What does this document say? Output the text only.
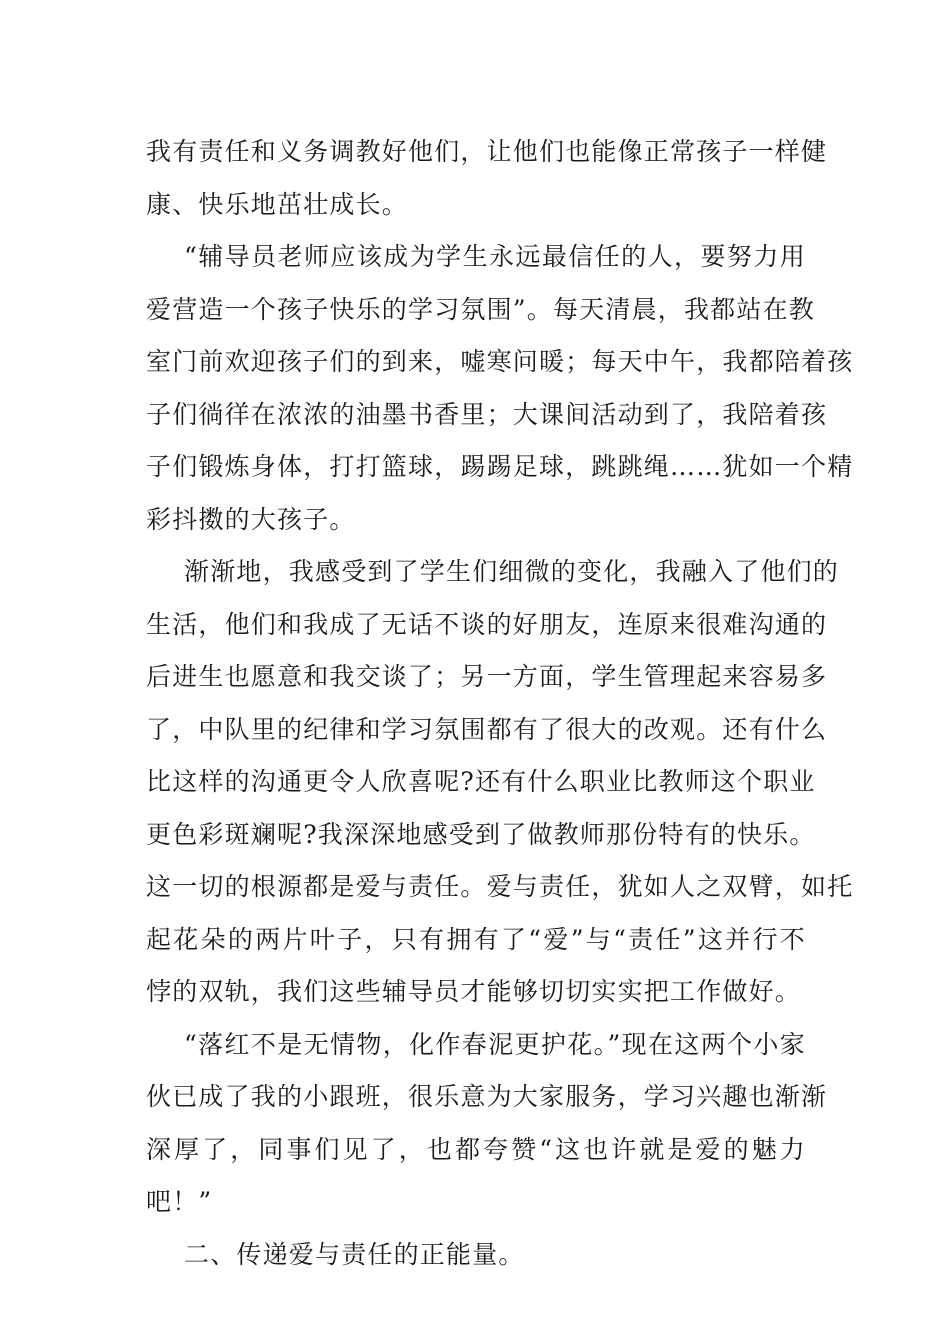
我有责任和义务调教好他们，让他们也能像正常孩子一样健
康、快乐地茁壮成长。
“辅导员老师应该成为学生永远最信任的人，要努力用
爱营造一个孩子快乐的学习氛围”。每天清晨，我都站在教
室门前欢迎孩子们的到来，嘘寒问暖；每天中午，我都陪着孩
子们徜徉在浓浓的油墨书香里；大课间活动到了，我陪着孩
子们锻炼身体，打打篮球，踢踢足球，跳跳绳……犹如一个精
彩抖擞的大孩子。
渐渐地，我感受到了学生们细微的变化，我融入了他们的
生活，他们和我成了无话不谈的好朋友，连原来很难沟通的
后进生也愿意和我交谈了；另一方面，学生管理起来容易多
了，中队里的纪律和学习氛围都有了很大的改观。还有什么
比这样的沟通更令人欣喜呢?还有什么职业比教师这个职业
更色彩斑斓呢?我深深地感受到了做教师那份特有的快乐。
这一切的根源都是爱与责任。爱与责任，犹如人之双臂，如托
起花朵的两片叶子，只有拥有了“爱”与“责任”这并行不
悖的双轨，我们这些辅导员才能够切切实实把工作做好。
“落红不是无情物，化作春泥更护花。”现在这两个小家
伙已成了我的小跟班，很乐意为大家服务，学习兴趣也渐渐
深厚了，同事们见了，也都夸赞“这也许就是爱的魅力
吧！”
二、传递爱与责任的正能量。
